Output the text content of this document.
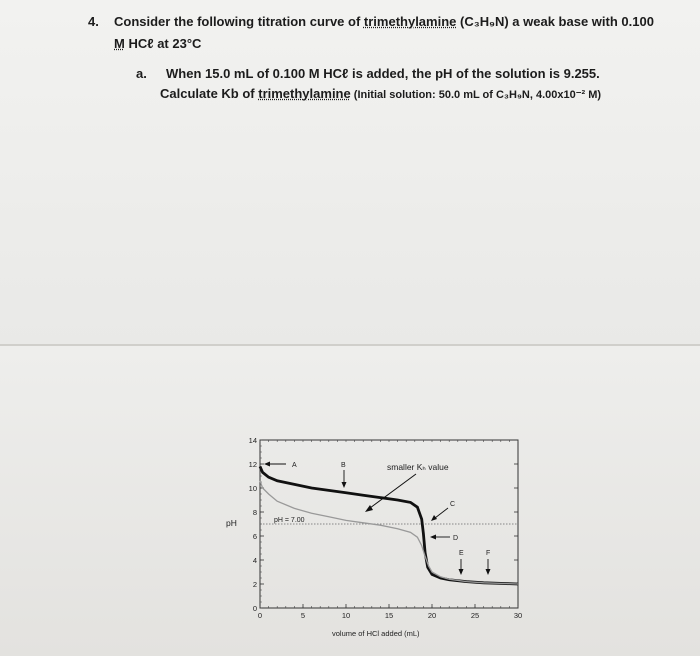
4. Consider the following titration curve of trimethylamine (C₃H₉N) a weak base with 0.100
M HCℓ at 23°C
a. When 15.0 mL of 0.100 M HCℓ is added, the pH of the solution is 9.255.
Calculate Kb of trimethylamine (Initial solution: 50.0 mL of C₃H₉N, 4.00x10⁻² M)
0
2
4
6
8
10
12
14
0	5	10	15	20	25	30
pH
volume of HCl added (mL)
A	B	smaller Kₕ value
pH = 7.00
C
D
E	F
